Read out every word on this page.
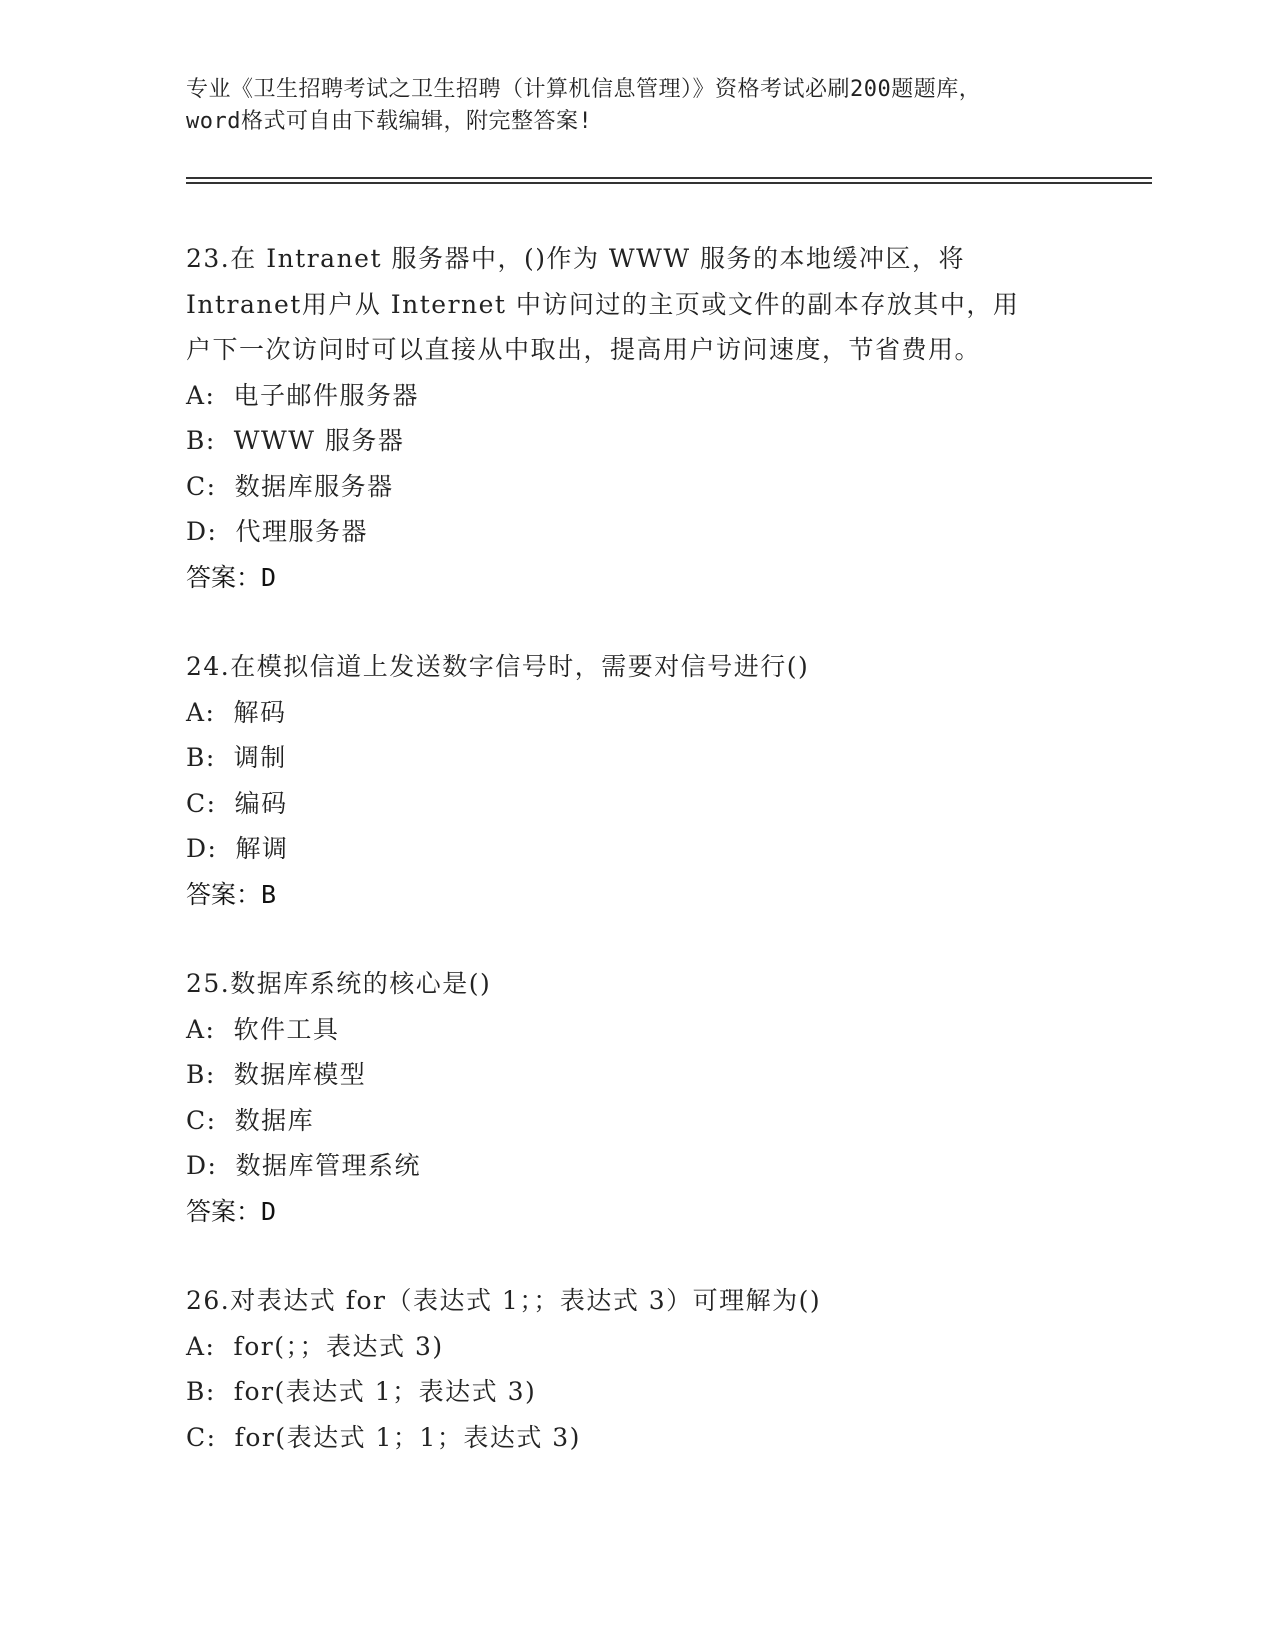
专业《卫生招聘考试之卫生招聘（计算机信息管理）》资格考试必刷200题题库，
word格式可自由下载编辑，附完整答案!
23.在 Intranet 服务器中，()作为 WWW 服务的本地缓冲区，将
Intranet用户从 Internet 中访问过的主页或文件的副本存放其中，用
户下一次访问时可以直接从中取出，提高用户访问速度，节省费用。
A: 电子邮件服务器
B: WWW 服务器
C: 数据库服务器
D: 代理服务器
答案：D
24.在模拟信道上发送数字信号时，需要对信号进行()
A: 解码
B: 调制
C: 编码
D: 解调
答案：B
25.数据库系统的核心是()
A: 软件工具
B: 数据库模型
C: 数据库
D: 数据库管理系统
答案：D
26.对表达式 for（表达式 1；；表达式 3）可理解为()
A: for(；；表达式 3)
B: for(表达式 1；表达式 3)
C: for(表达式 1；1；表达式 3)
